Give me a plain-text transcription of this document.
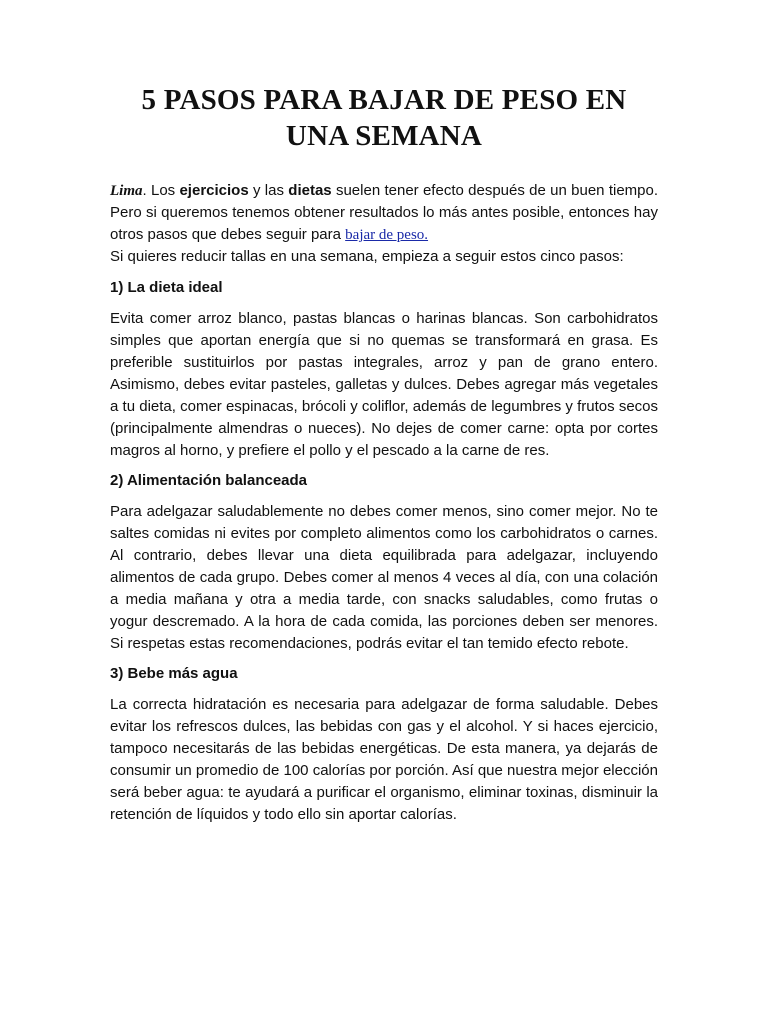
5 PASOS PARA BAJAR DE PESO EN
UNA SEMANA

Lima. Los ejercicios y las dietas suelen tener efecto después de un buen tiempo. Pero si queremos tenemos obtener resultados lo más antes posible, entonces hay otros pasos que debes seguir para bajar de peso.

Si quieres reducir tallas en una semana, empieza a seguir estos cinco pasos:

1) La dieta ideal

Evita comer arroz blanco, pastas blancas o harinas blancas. Son carbohidratos simples que aportan energía que si no quemas se transformará en grasa. Es preferible sustituirlos por pastas integrales, arroz y pan de grano entero. Asimismo, debes evitar pasteles, galletas y dulces. Debes agregar más vegetales a tu dieta, comer espinacas, brócoli y coliflor, además de legumbres y frutos secos (principalmente almendras o nueces). No dejes de comer carne: opta por cortes magros al horno, y prefiere el pollo y el pescado a la carne de res.

2) Alimentación balanceada

Para adelgazar saludablemente no debes comer menos, sino comer mejor. No te saltes comidas ni evites por completo alimentos como los carbohidratos o carnes. Al contrario, debes llevar una dieta equilibrada para adelgazar, incluyendo alimentos de cada grupo. Debes comer al menos 4 veces al día, con una colación a media mañana y otra a media tarde, con snacks saludables, como frutas o yogur descremado. A la hora de cada comida, las porciones deben ser menores. Si respetas estas recomendaciones, podrás evitar el tan temido efecto rebote.

3) Bebe más agua

La correcta hidratación es necesaria para adelgazar de forma saludable. Debes evitar los refrescos dulces, las bebidas con gas y el alcohol. Y si haces ejercicio, tampoco necesitarás de las bebidas energéticas. De esta manera, ya dejarás de consumir un promedio de 100 calorías por porción. Así que nuestra mejor elección será beber agua: te ayudará a purificar el organismo, eliminar toxinas, disminuir la retención de líquidos y todo ello sin aportar calorías.
